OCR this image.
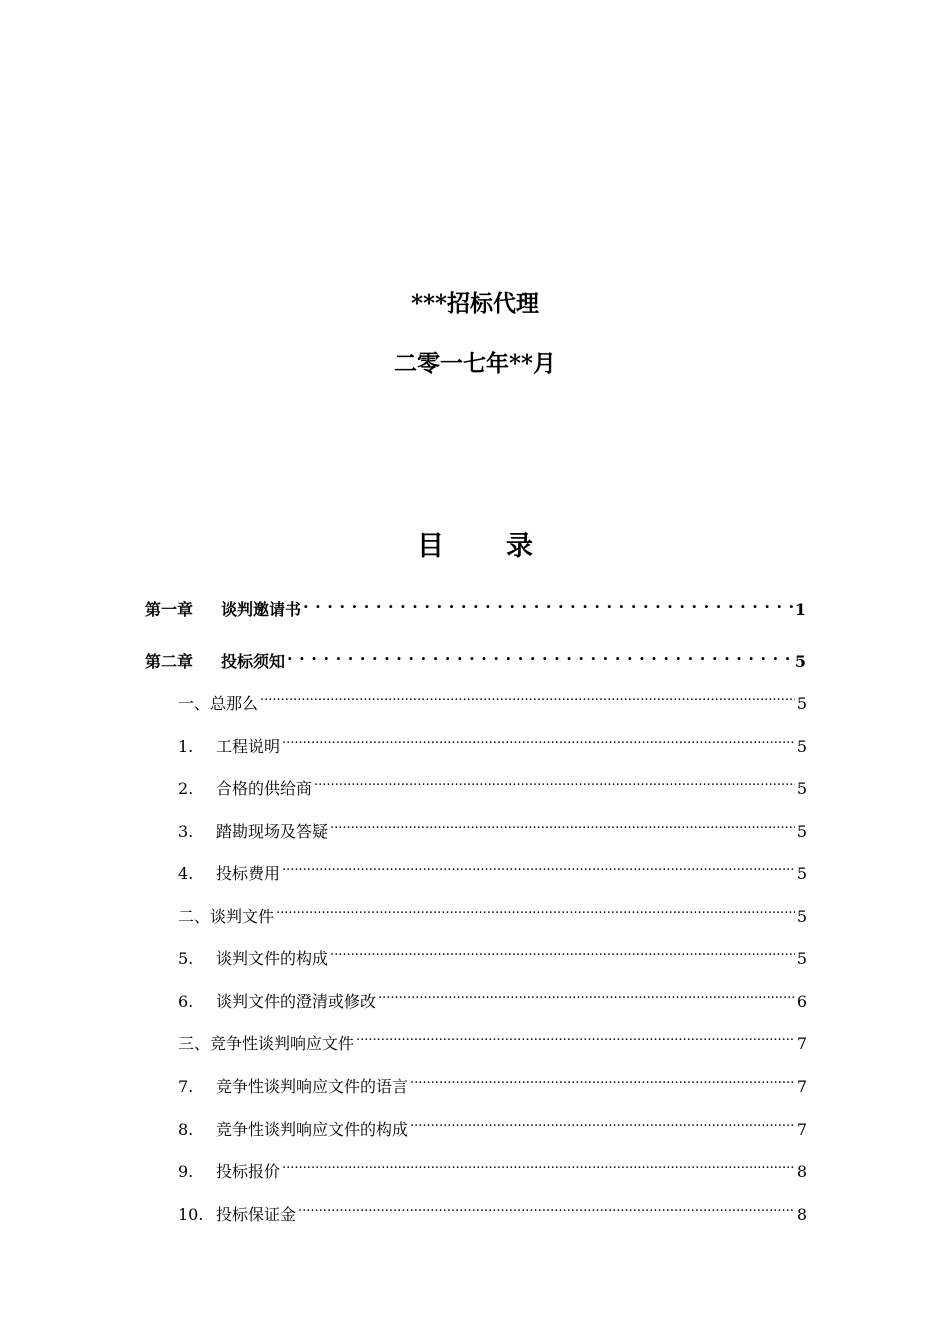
***招标代理
二零一七年**月
目 录
第一章	谈判邀请书 . . .	1
第二章	投标须知 . . .	5
一、总那么 .....	5
1.	工程说明 .....	5
2.	合格的供给商 .....	5
3.	踏勘现场及答疑 .....	5
4.	投标费用 .....	5
二、谈判文件 .....	5
5.	谈判文件的构成 .....	5
6.	谈判文件的澄清或修改 .....	6
三、竞争性谈判响应文件 .....	7
7.	竞争性谈判响应文件的语言 .....	7
8.	竞争性谈判响应文件的构成 .....	7
9.	投标报价 .....	8
10. 投标保证金 .....	8
